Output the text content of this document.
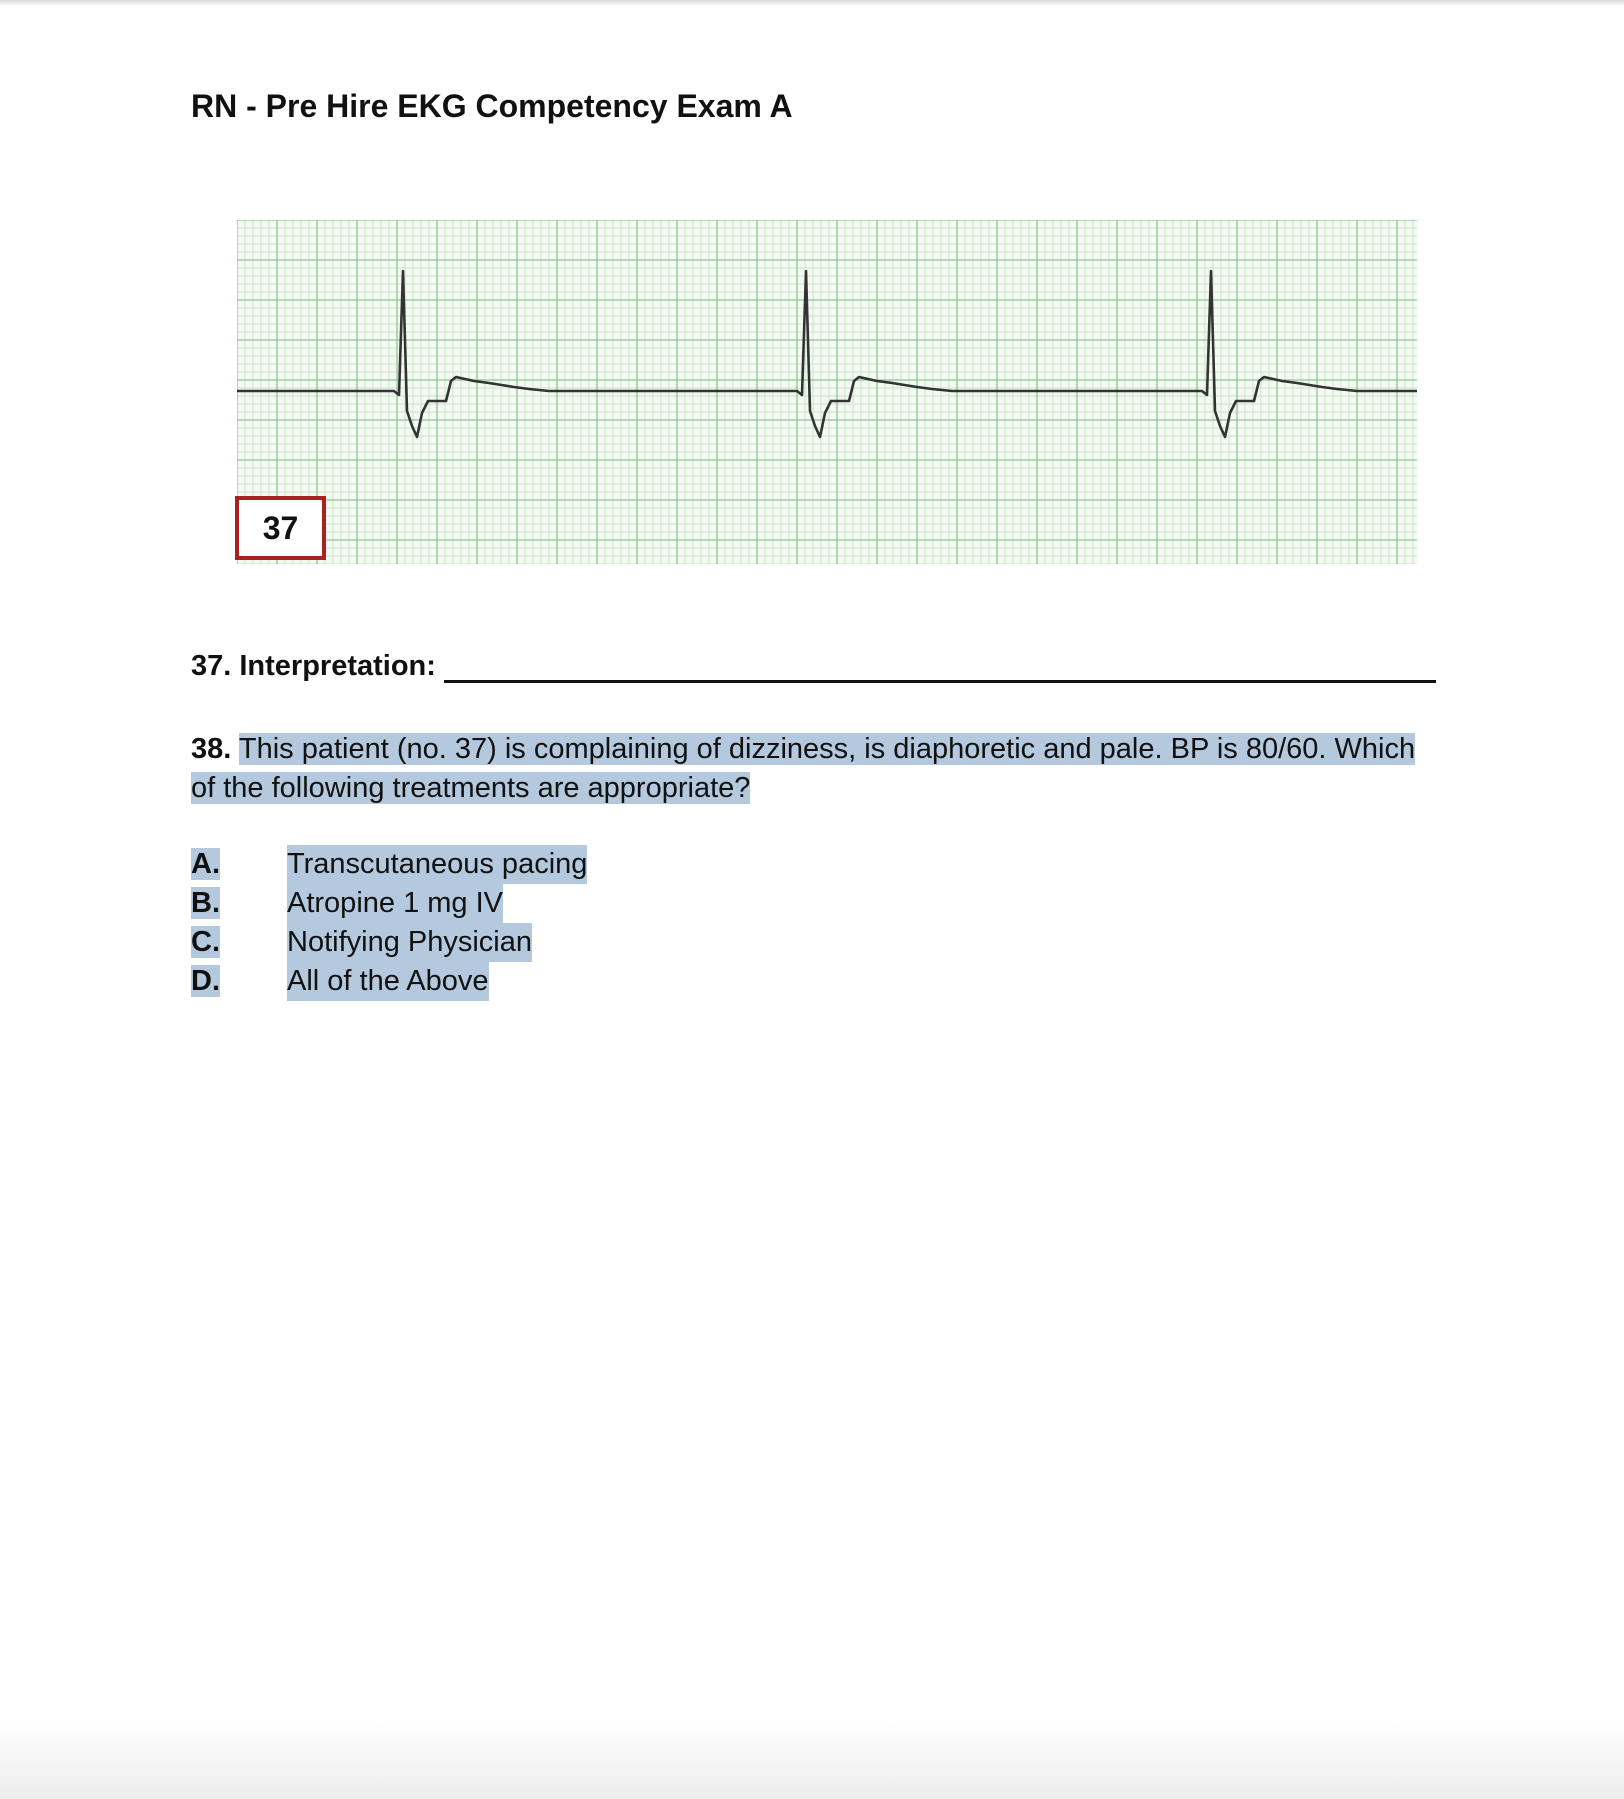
RN - Pre Hire EKG Competency Exam A
37
37. Interpretation:
38. This patient (no. 37) is complaining of dizziness, is diaphoretic and pale. BP is 80/60. Which of the following treatments are appropriate?
A.	Transcutaneous pacing
B.	Atropine 1 mg IV
C.	Notifying Physician
D.	All of the Above
